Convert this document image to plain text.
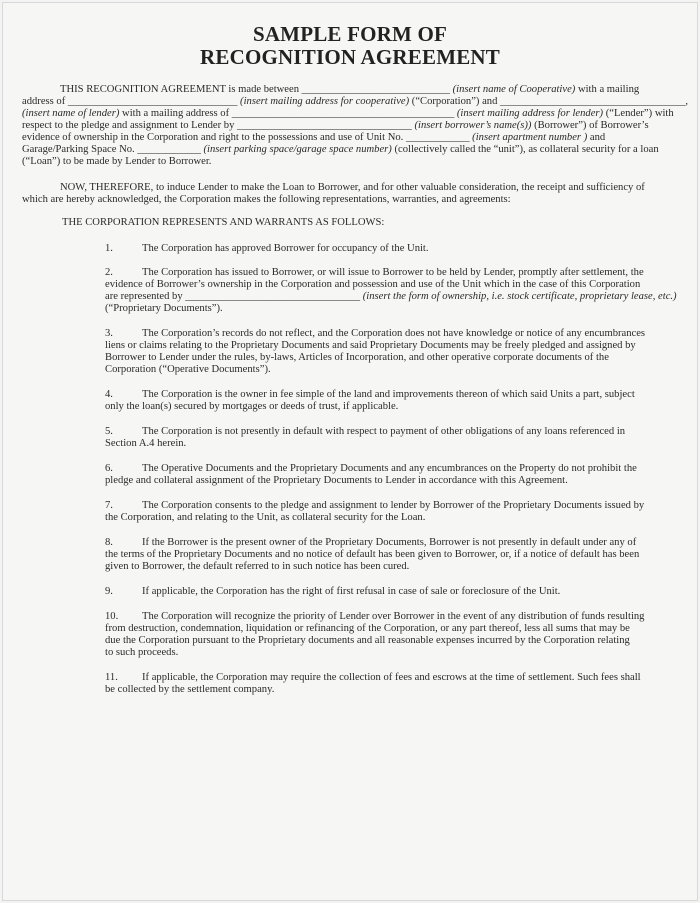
SAMPLE FORM OF
RECOGNITION AGREEMENT
THIS RECOGNITION AGREEMENT is made between ____________________________ (insert name of Cooperative) with a mailing
address of ________________________________ (insert mailing address for cooperative) (“Corporation”) and ___________________________________,
(insert name of lender) with a mailing address of __________________________________________ (insert mailing address for lender) (“Lender”) with
respect to the pledge and assignment to Lender by _________________________________ (insert borrower’s name(s)) (Borrower”) of Borrower’s
evidence of ownership in the Corporation and right to the possessions and use of Unit No. ____________ (insert apartment number ) and
Garage/Parking Space No. ____________ (insert parking space/garage space number) (collectively called the “unit”), as collateral security for a loan
(“Loan”) to be made by Lender to Borrower.
NOW, THEREFORE, to induce Lender to make the Loan to Borrower, and for other valuable consideration, the receipt and sufficiency of
which are hereby acknowledged, the Corporation makes the following representations, warranties, and agreements:
THE CORPORATION REPRESENTS AND WARRANTS AS FOLLOWS:
1.	The Corporation has approved Borrower for occupancy of the Unit.
2.	The Corporation has issued to Borrower, or will issue to Borrower to be held by Lender, promptly after settlement, the
evidence of Borrower’s ownership in the Corporation and possession and use of the Unit which in the case of this Corporation
are represented by _________________________________ (insert the form of ownership, i.e. stock certificate, proprietary lease, etc.)
(“Proprietary Documents”).
3.	The Corporation’s records do not reflect, and the Corporation does not have knowledge or notice of any encumbrances
liens or claims relating to the Proprietary Documents and said Proprietary Documents may be freely pledged and assigned by
Borrower to Lender under the rules, by-laws, Articles of Incorporation, and other operative corporate documents of the
Corporation (“Operative Documents”).
4.	The Corporation is the owner in fee simple of the land and improvements thereon of which said Units a part, subject
only the loan(s) secured by mortgages or deeds of trust, if applicable.
5.	The Corporation is not presently in default with respect to payment of other obligations of any loans referenced in
Section A.4 herein.
6.	The Operative Documents and the Proprietary Documents and any encumbrances on the Property do not prohibit the
pledge and collateral assignment of the Proprietary Documents to Lender in accordance with this Agreement.
7.	The Corporation consents to the pledge and assignment to lender by Borrower of the Proprietary Documents issued by
the Corporation, and relating to the Unit, as collateral security for the Loan.
8.	If the Borrower is the present owner of the Proprietary Documents, Borrower is not presently in default under any of
the terms of the Proprietary Documents and no notice of default has been given to Borrower, or, if a notice of default has been
given to Borrower, the default referred to in such notice has been cured.
9.	If applicable, the Corporation has the right of first refusal in case of sale or foreclosure of the Unit.
10. The Corporation will recognize the priority of Lender over Borrower in the event of any distribution of funds resulting
from destruction, condemnation, liquidation or refinancing of the Corporation, or any part thereof, less all sums that may be
due the Corporation pursuant to the Proprietary documents and all reasonable expenses incurred by the Corporation relating
to such proceeds.
11. If applicable, the Corporation may require the collection of fees and escrows at the time of settlement. Such fees shall
be collected by the settlement company.
